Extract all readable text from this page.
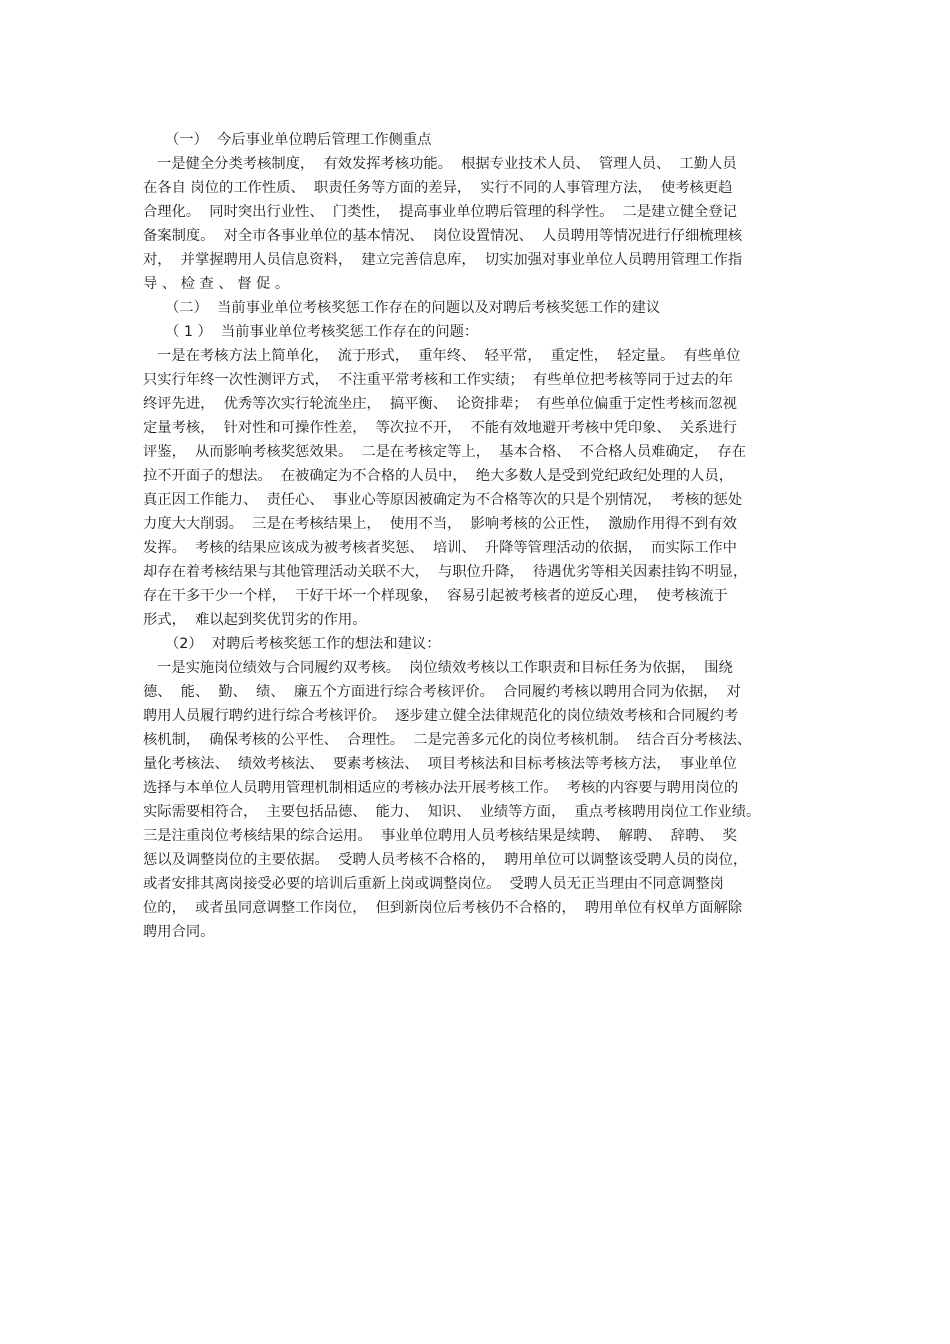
（一）  今后事业单位聘后管理工作侧重点
一是健全分类考核制度，  有效发挥考核功能。  根据专业技术人员、  管理人员、  工勤人员
在各自 岗位的工作性质、  职责任务等方面的差异，  实行不同的人事管理方法，  使考核更趋
合理化。  同时突出行业性、  门类性，  提高事业单位聘后管理的科学性。  二是建立健全登记
备案制度。  对全市各事业单位的基本情况、  岗位设置情况、  人员聘用等情况进行仔细梳理核
对，  并掌握聘用人员信息资料，  建立完善信息库，  切实加强对事业单位人员聘用管理工作指
导 、 检 查 、 督 促 。
（二）  当前事业单位考核奖惩工作存在的问题以及对聘后考核奖惩工作的建议
（ 1 ）  当前事业单位考核奖惩工作存在的问题：
一是在考核方法上简单化，  流于形式，  重年终、  轻平常，  重定性，  轻定量。  有些单位
只实行年终一次性测评方式，  不注重平常考核和工作实绩；  有些单位把考核等同于过去的年
终评先进，  优秀等次实行轮流坐庄，  搞平衡、  论资排辈；  有些单位偏重于定性考核而忽视
定量考核，  针对性和可操作性差，  等次拉不开，  不能有效地避开考核中凭印象、  关系进行
评鉴，  从而影响考核奖惩效果。  二是在考核定等上，  基本合格、  不合格人员难确定，  存在
拉不开面子的想法。  在被确定为不合格的人员中，  绝大多数人是受到党纪政纪处理的人员，
真正因工作能力、  责任心、  事业心等原因被确定为不合格等次的只是个别情况，  考核的惩处
力度大大削弱。  三是在考核结果上，  使用不当，  影响考核的公正性，  激励作用得不到有效
发挥。  考核的结果应该成为被考核者奖惩、  培训、  升降等管理活动的依据，  而实际工作中
却存在着考核结果与其他管理活动关联不大，  与职位升降，  待遇优劣等相关因素挂钩不明显，
存在干多干少一个样，  干好干坏一个样现象，  容易引起被考核者的逆反心理，  使考核流于
形式，  难以起到奖优罚劣的作用。
（2）  对聘后考核奖惩工作的想法和建议：
一是实施岗位绩效与合同履约双考核。  岗位绩效考核以工作职责和目标任务为依据，  围绕
德、  能、  勤、  绩、  廉五个方面进行综合考核评价。  合同履约考核以聘用合同为依据，  对
聘用人员履行聘约进行综合考核评价。  逐步建立健全法律规范化的岗位绩效考核和合同履约考
核机制，  确保考核的公平性、  合理性。  二是完善多元化的岗位考核机制。  结合百分考核法、
量化考核法、  绩效考核法、  要素考核法、  项目考核法和目标考核法等考核方法，  事业单位
选择与本单位人员聘用管理机制相适应的考核办法开展考核工作。  考核的内容要与聘用岗位的
实际需要相符合，  主要包括品德、  能力、  知识、  业绩等方面，  重点考核聘用岗位工作业绩。
三是注重岗位考核结果的综合运用。  事业单位聘用人员考核结果是续聘、  解聘、  辞聘、  奖
惩以及调整岗位的主要依据。  受聘人员考核不合格的，  聘用单位可以调整该受聘人员的岗位，
或者安排其离岗接受必要的培训后重新上岗或调整岗位。  受聘人员无正当理由不同意调整岗
位的，  或者虽同意调整工作岗位，  但到新岗位后考核仍不合格的，  聘用单位有权单方面解除
聘用合同。
